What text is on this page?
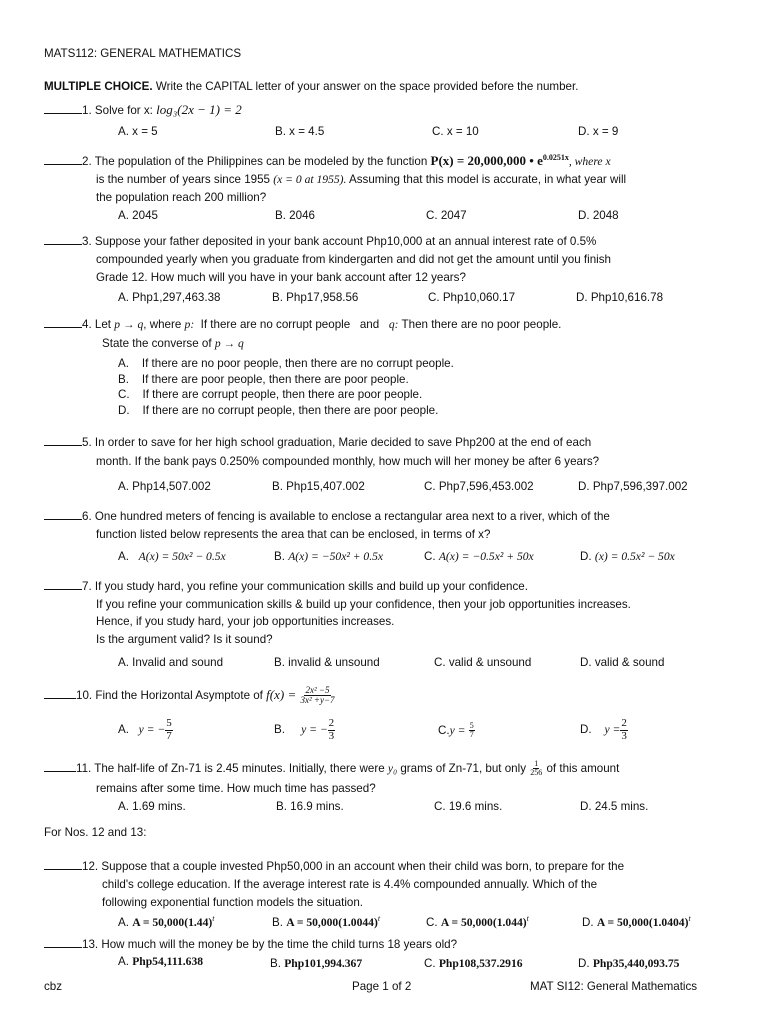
MATS112: GENERAL MATHEMATICS
MULTIPLE CHOICE. Write the CAPITAL letter of your answer on the space provided before the number.
1. Solve for x: log₃(2x − 1) = 2
A. x = 5	B. x = 4.5	C. x = 10	D. x = 9
2. The population of the Philippines can be modeled by the function P(x) = 20,000,000 • $e^{0.0251x}$, where x
is the number of years since 1955 (x = 0 at 1955). Assuming that this model is accurate, in what year will
the population reach 200 million?
A. 2045	B. 2046	C. 2047	D. 2048
3. Suppose your father deposited in your bank account Php10,000 at an annual interest rate of 0.5%
compounded yearly when you graduate from kindergarten and did not get the amount until you finish
Grade 12. How much will you have in your bank account after 12 years?
A. Php1,297,463.38	B. Php17,958.56	C. Php10,060.17	D. Php10,616.78
4. Let p → q, where p: If there are no corrupt people and q: Then there are no poor people.
State the converse of p → q
A. If there are no poor people, then there are no corrupt people.
B. If there are poor people, then there are poor people.
C. If there are corrupt people, then there are poor people.
D. If there are no corrupt people, then there are poor people.
5. In order to save for her high school graduation, Marie decided to save Php200 at the end of each
month. If the bank pays 0.250% compounded monthly, how much will her money be after 6 years?
A. Php14,507.002	B. Php15,407.002	C. Php7,596,453.002	D. Php7,596,397.002
6. One hundred meters of fencing is available to enclose a rectangular area next to a river, which of the
function listed below represents the area that can be enclosed, in terms of x?
A. A(x) = 50x² − 0.5x	B. A(x) = −50x² + 0.5x	C. A(x) = −0.5x² + 50x	D. (x) = 0.5x² − 50x
7. If you study hard, you refine your communication skills and build up your confidence.
If you refine your communication skills & build up your confidence, then your job opportunities increases.
Hence, if you study hard, your job opportunities increases.
Is the argument valid? Is it sound?
A. Invalid and sound	B. invalid & unsound	C. valid & unsound	D. valid & sound
10. Find the Horizontal Asymptote of $f(x) = \frac{\text{2x² −5}}{\text{3x² +y−7}}$
A. y = − $\frac{5}{7}$	B. y = − $\frac{2}{3}$	$C.y = \frac{5}{7}$	D. $y = \frac{2}{3}$
11. The half-life of Zn-71 is 2.45 minutes. Initially, there were y₀ grams of Zn-71, but only $\frac{1}{256}$ of this amount
remains after some time. How much time has passed?
A. 1.69 mins.	B. 16.9 mins.	C. 19.6 mins.	D. 24.5 mins.
For Nos. 12 and 13:
12. Suppose that a couple invested Php50,000 in an account when their child was born, to prepare for the
child's college education. If the average interest rate is 4.4% compounded annually. Which of the
following exponential function models the situation.
A. $A = 50,000(1.44)^t$	B. $A = 50,000(1.0044)^t$	C. $A = 50,000(1.044)^t$	D. $A = 50,000(1.0404)^t$
13. How much will the money be by the time the child turns 18 years old?
A. Php54,111.638	B. Php101,994.367	C. Php108,537.2916	D. Php35,440,093.75
cbz	Page 1 of 2	MAT SI12: General Mathematics
